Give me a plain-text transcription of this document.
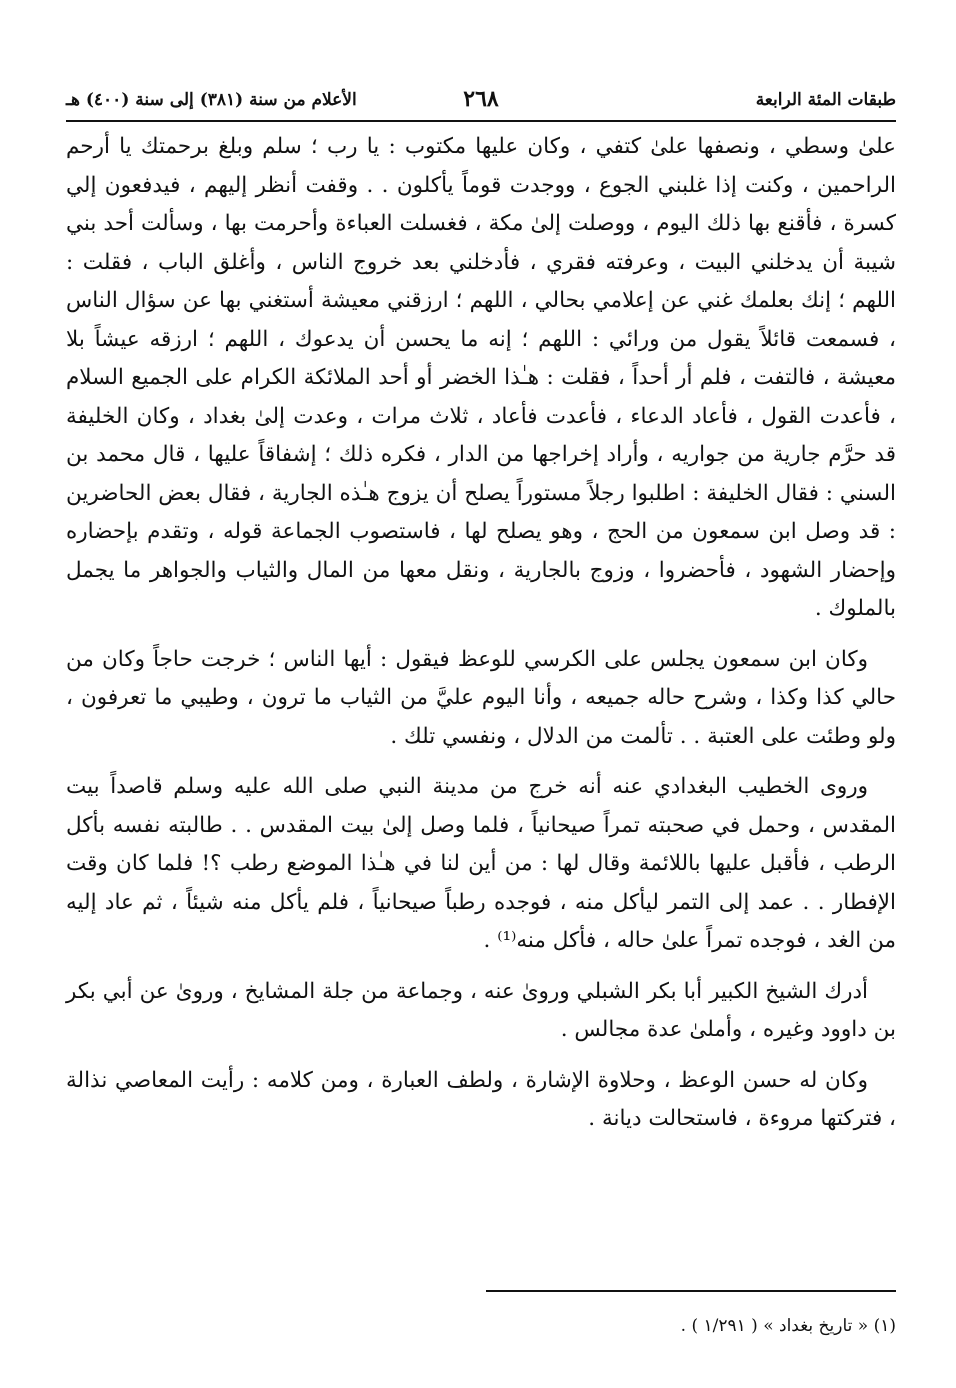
طبقات المئة الرابعة
٢٦٨
الأعلام من سنة (٣٨١) إلى سنة (٤٠٠) هـ

علىٰ وسطي ، ونصفها علىٰ كتفي ، وكان عليها مكتوب : يا رب ؛ سلم وبلغ برحمتك يا أرحم الراحمين ، وكنت إذا غلبني الجوع ، ووجدت قوماً يأكلون . . وقفت أنظر إليهم ، فيدفعون إلي كسرة ، فأقنع بها ذلك اليوم ، ووصلت إلىٰ مكة ، فغسلت العباءة وأحرمت بها ، وسألت أحد بني شيبة أن يدخلني البيت ، وعرفته فقري ، فأدخلني بعد خروج الناس ، وأغلق الباب ، فقلت : اللهم ؛ إنك بعلمك غني عن إعلامي بحالي ، اللهم ؛ ارزقني معيشة أستغني بها عن سؤال الناس ، فسمعت قائلاً يقول من ورائي : اللهم ؛ إنه ما يحسن أن يدعوك ، اللهم ؛ ارزقه عيشاً بلا معيشة ، فالتفت ، فلم أر أحداً ، فقلت : هـٰذا الخضر أو أحد الملائكة الكرام على الجميع السلام ، فأعدت القول ، فأعاد الدعاء ، فأعدت فأعاد ، ثلاث مرات ، وعدت إلىٰ بغداد ، وكان الخليفة قد حرَّم جارية من جواريه ، وأراد إخراجها من الدار ، فكره ذلك ؛ إشفاقاً عليها ، قال محمد بن السني : فقال الخليفة : اطلبوا رجلاً مستوراً يصلح أن يزوج هـٰذه الجارية ، فقال بعض الحاضرين : قد وصل ابن سمعون من الحج ، وهو يصلح لها ، فاستصوب الجماعة قوله ، وتقدم بإحضاره وإحضار الشهود ، فأحضروا ، وزوج بالجارية ، ونقل معها من المال والثياب والجواهر ما يجمل بالملوك .

وكان ابن سمعون يجلس على الكرسي للوعظ فيقول : أيها الناس ؛ خرجت حاجاً وكان من حالي كذا وكذا ، وشرح حاله جميعه ، وأنا اليوم عليَّ من الثياب ما ترون ، وطيبي ما تعرفون ، ولو وطئت على العتبة . . تألمت من الدلال ، ونفسي تلك .

وروى الخطيب البغدادي عنه أنه خرج من مدينة النبي صلى الله عليه وسلم قاصداً بيت المقدس ، وحمل في صحبته تمراً صيحانياً ، فلما وصل إلىٰ بيت المقدس . . طالبته نفسه بأكل الرطب ، فأقبل عليها باللائمة وقال لها : من أين لنا في هـٰذا الموضع رطب ؟! فلما كان وقت الإفطار . . عمد إلى التمر ليأكل منه ، فوجده رطباً صيحانياً ، فلم يأكل منه شيئاً ، ثم عاد إليه من الغد ، فوجده تمراً علىٰ حاله ، فأكل منه⁽¹⁾ .

أدرك الشيخ الكبير أبا بكر الشبلي وروىٰ عنه ، وجماعة من جلة المشايخ ، وروىٰ عن أبي بكر بن داوود وغيره ، وأملىٰ عدة مجالس .

وكان له حسن الوعظ ، وحلاوة الإشارة ، ولطف العبارة ، ومن كلامه : رأيت المعاصي نذالة ، فتركتها مروءة ، فاستحالت ديانة .

(١) « تاريخ بغداد » ( ١/٢٩١ ) .
